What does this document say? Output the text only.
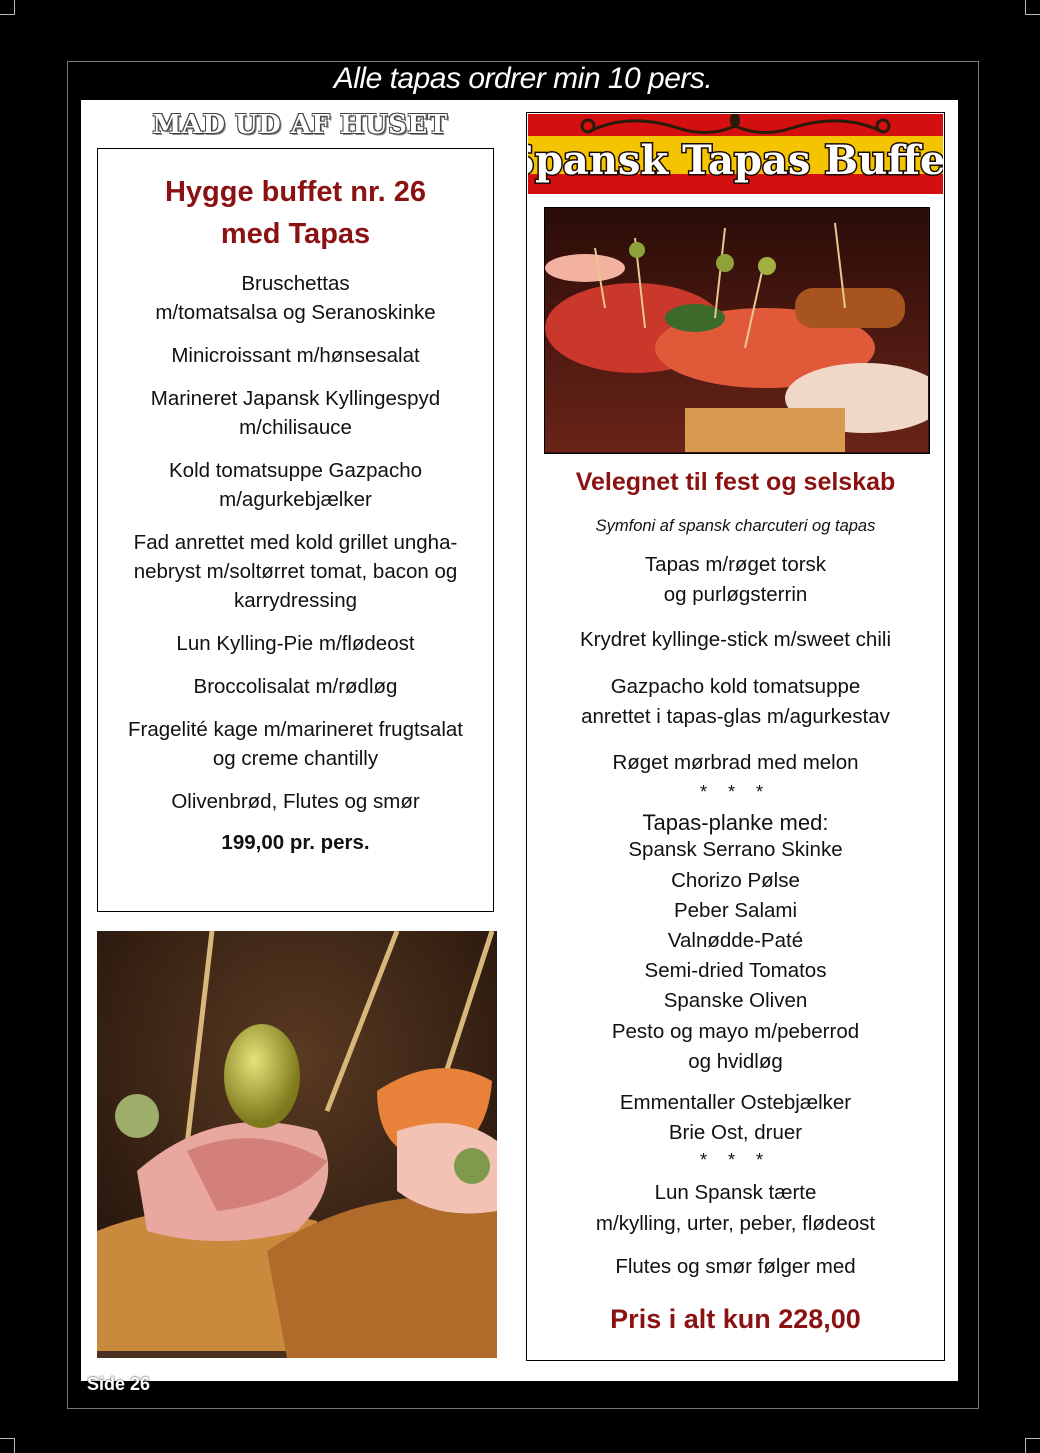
Alle tapas ordrer min 10 pers.
MAD UD AF HUSET
Hygge buffet nr. 26
med Tapas
Bruschettas
m/tomatsalsa og Seranoskinke
Minicroissant m/hønsesalat
Marineret Japansk Kyllingespyd
m/chilisauce
Kold tomatsuppe Gazpacho
m/agurkebjælker
Fad anrettet med kold grillet ungha-
nebryst m/soltørret tomat, bacon og
karrydressing
Lun Kylling-Pie m/flødeost
Broccolisalat m/rødløg
Fragelité kage m/marineret frugtsalat
og creme chantilly
Olivenbrød, Flutes og smør
199,00 pr. pers.
Spansk Tapas Buffet
Velegnet til fest og selskab
Symfoni af spansk charcuteri og tapas
Tapas m/røget torsk
og purløgsterrin
Krydret kyllinge-stick m/sweet chili
Gazpacho kold tomatsuppe
anrettet i tapas-glas m/agurkestav
Røget mørbrad med melon
* * *
Tapas-planke med:
Spansk Serrano Skinke
Chorizo Pølse
Peber Salami
Valnødde-Paté
Semi-dried Tomatos
Spanske Oliven
Pesto og mayo m/peberrod
og hvidløg
Emmentaller Ostebjælker
Brie Ost, druer
* * *
Lun Spansk tærte
m/kylling, urter, peber, flødeost
Flutes og smør følger med
Pris i alt kun 228,00
Side 26
